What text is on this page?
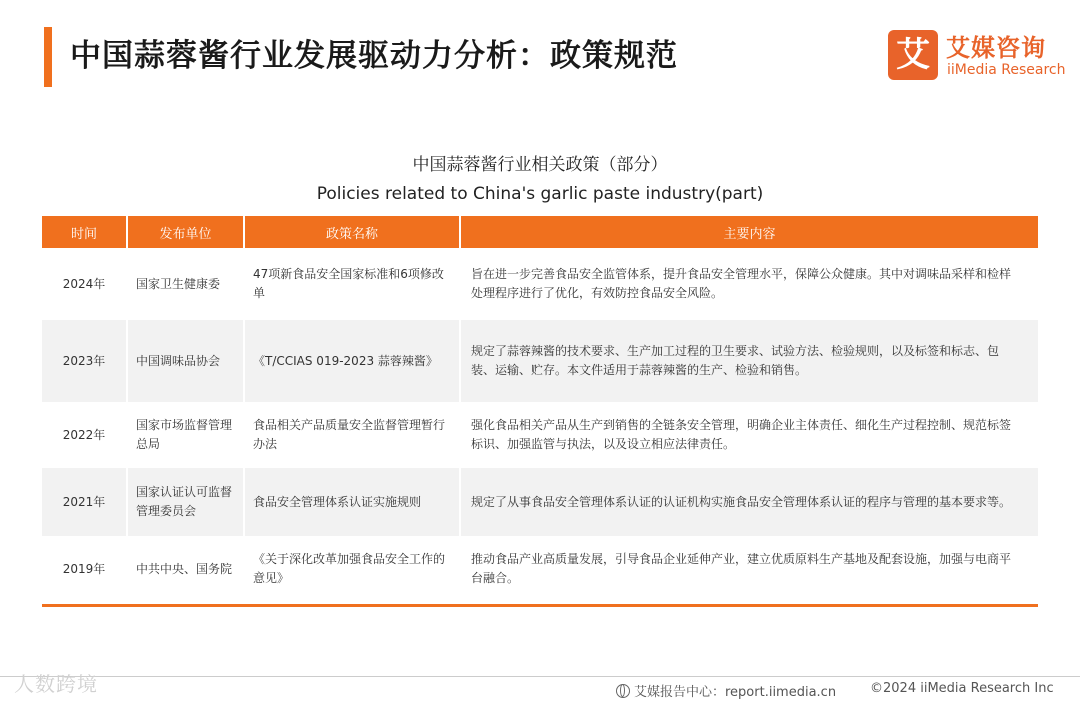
中国蒜蓉酱行业发展驱动力分析：政策规范	艾 艾媒咨询
iiMedia Research
中国蒜蓉酱行业相关政策（部分）
Policies related to China's garlic paste industry(part)
时间	发布单位	政策名称	主要内容
2024年	国家卫生健康委	47项新食品安全国家标准和6项修改单	旨在进一步完善食品安全监管体系，提升食品安全管理水平，保障公众健康。其中对调味品采样和检样处理程序进行了优化，有效防控食品安全风险。
2023年	中国调味品协会	《T/CCIAS 019-2023 蒜蓉辣酱》	规定了蒜蓉辣酱的技术要求、生产加工过程的卫生要求、试验方法、检验规则，以及标签和标志、包装、运输、贮存。本文件适用于蒜蓉辣酱的生产、检验和销售。
2022年	国家市场监督管理总局	食品相关产品质量安全监督管理暂行办法	强化食品相关产品从生产到销售的全链条安全管理，明确企业主体责任、细化生产过程控制、规范标签标识、加强监管与执法，以及设立相应法律责任。
2021年	国家认证认可监督管理委员会	食品安全管理体系认证实施规则	规定了从事食品安全管理体系认证的认证机构实施食品安全管理体系认证的程序与管理的基本要求等。
2019年	中共中央、国务院	《关于深化改革加强食品安全工作的意见》	推动食品产业高质量发展，引导食品企业延伸产业，建立优质原料生产基地及配套设施，加强与电商平台融合。
人数跨境	艾媒报告中心：report.iimedia.cn	©2024 iiMedia Research Inc
